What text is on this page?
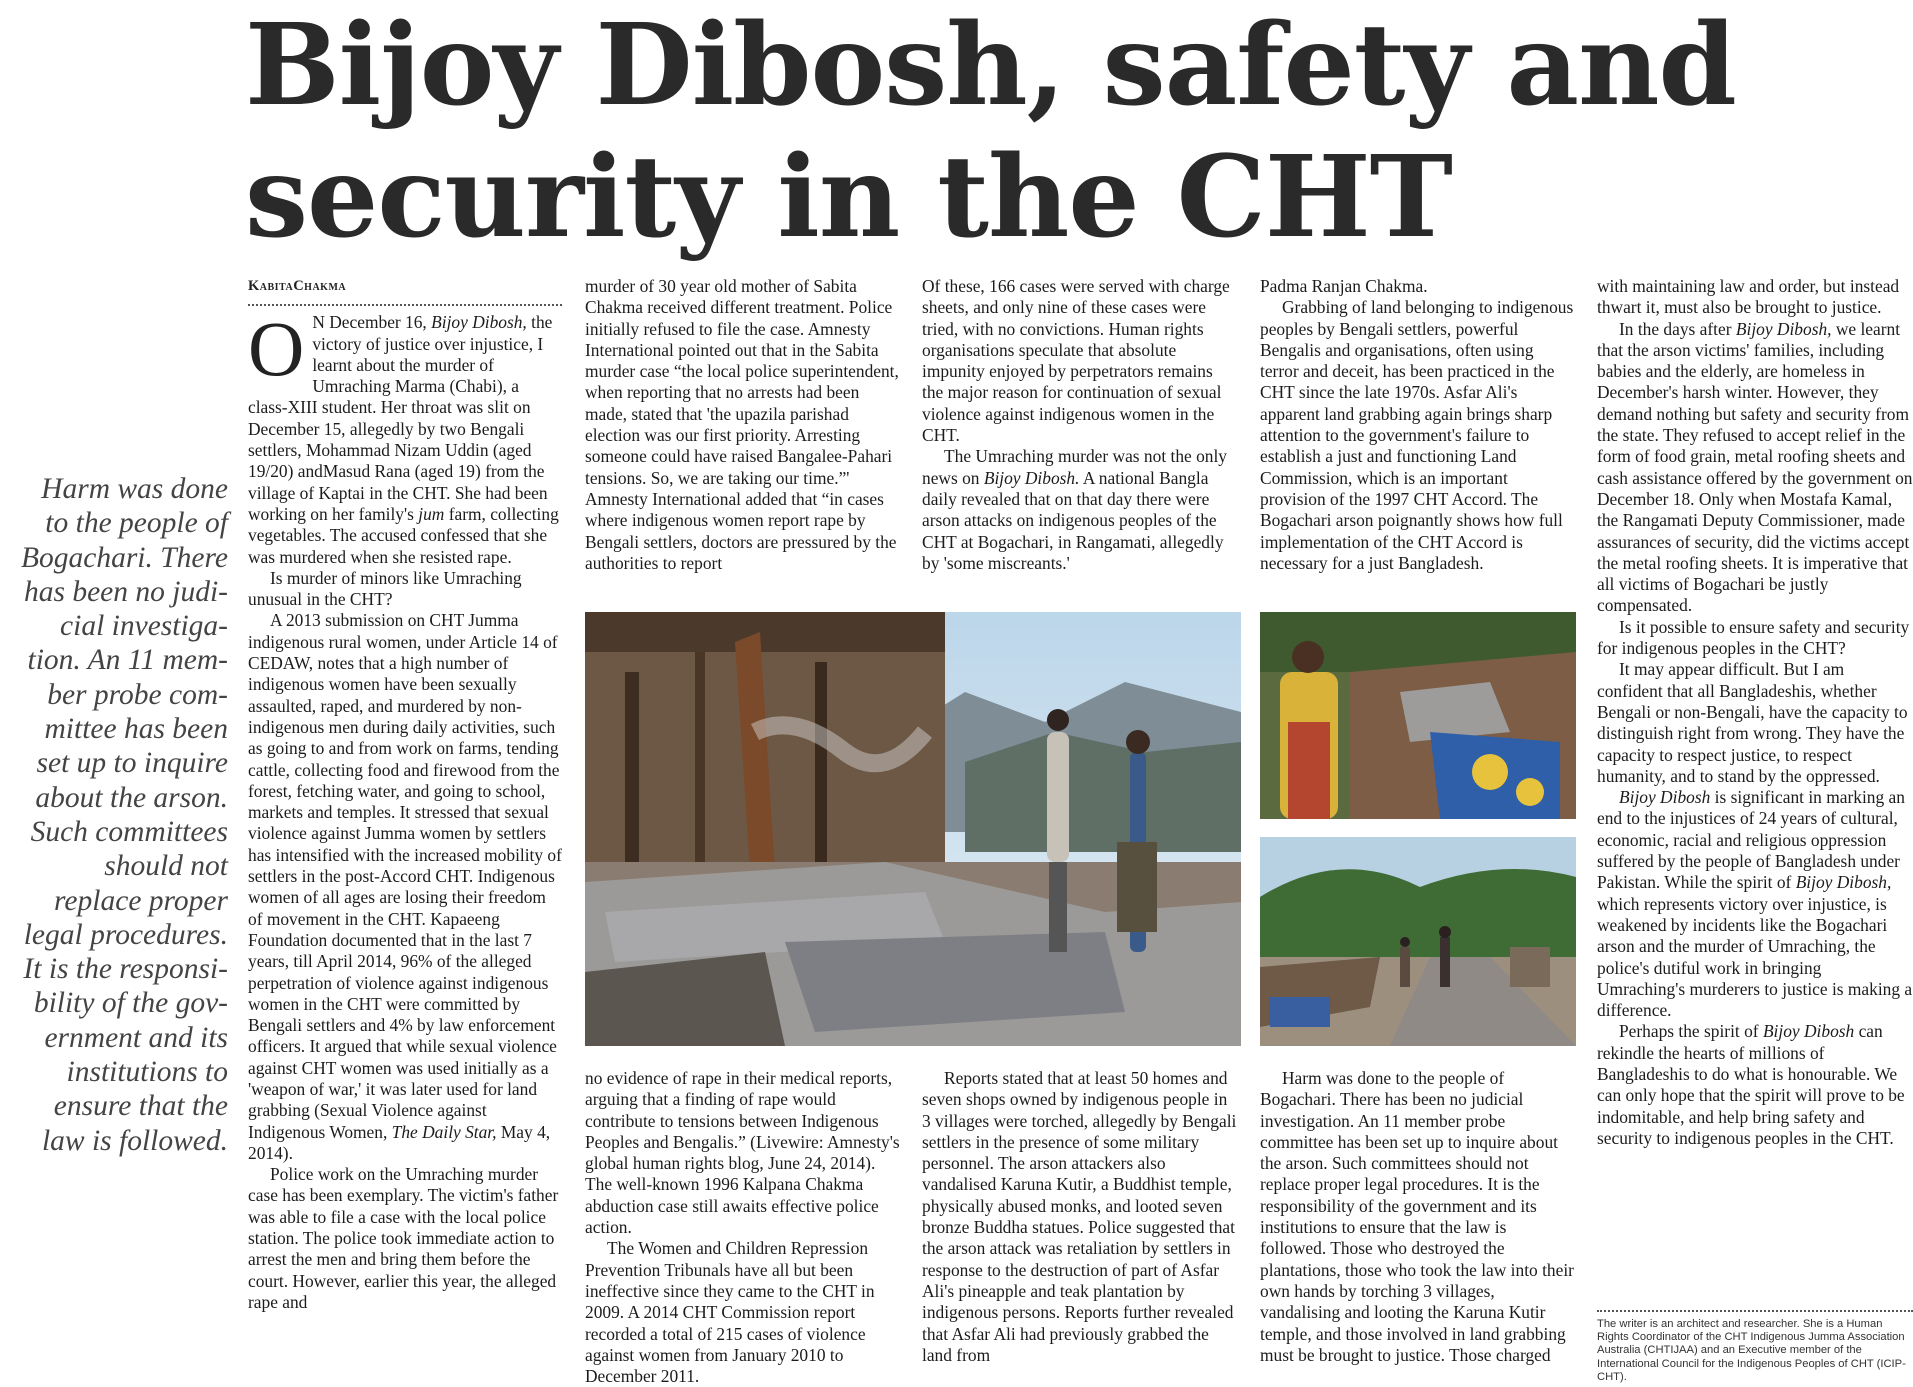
Bijoy Dibosh, safety and
security in the CHT
Harm was done
to the people of
Bogachari. There
has been no judi-
cial investiga-
tion. An 11 mem-
ber probe com-
mittee has been
set up to inquire
about the arson.
Such committees
should not
replace proper
legal procedures.
It is the responsi-
bility of the gov-
ernment and its
institutions to
ensure that the
law is followed.
KabitaChakma

O N December 16, Bijoy Dibosh, the victory of justice over injustice, I learnt about the murder of Umraching Marma (Chabi), a class-XIII student. Her throat was slit on December 15, allegedly by two Bengali settlers, Mohammad Nizam Uddin (aged 19/20) andMasud Rana (aged 19) from the village of Kaptai in the CHT. She had been working on her family's jum farm, collecting vegetables. The accused confessed that she was murdered when she resisted rape.

Is murder of minors like Umraching unusual in the CHT?

A 2013 submission on CHT Jumma indigenous rural women, under Article 14 of CEDAW, notes that a high number of indigenous women have been sexually assaulted, raped, and murdered by non-indigenous men during daily activities, such as going to and from work on farms, tending cattle, collecting food and firewood from the forest, fetching water, and going to school, markets and temples. It stressed that sexual violence against Jumma women by settlers has intensified with the increased mobility of settlers in the post-Accord CHT. Indigenous women of all ages are losing their freedom of movement in the CHT. Kapaeeng Foundation documented that in the last 7 years, till April 2014, 96% of the alleged perpetration of violence against indigenous women in the CHT were committed by Bengali settlers and 4% by law enforcement officers. It argued that while sexual violence against CHT women was used initially as a 'weapon of war,' it was later used for land grabbing (Sexual Violence against Indigenous Women, The Daily Star, May 4, 2014).

Police work on the Umraching murder case has been exemplary. The victim's father was able to file a case with the local police station. The police took immediate action to arrest the men and bring them before the court. However, earlier this year, the alleged rape and

murder of 30 year old mother of Sabita Chakma received different treatment. Police initially refused to file the case. Amnesty International pointed out that in the Sabita murder case “the local police superintendent, when reporting that no arrests had been made, stated that 'the upazila parishad election was our first priority. Arresting someone could have raised Bangalee-Pahari tensions. So, we are taking our time.”' Amnesty International added that “in cases where indigenous women report rape by Bengali settlers, doctors are pressured by the authorities to report

Of these, 166 cases were served with charge sheets, and only nine of these cases were tried, with no convictions. Human rights organisations speculate that absolute impunity enjoyed by perpetrators remains the major reason for continuation of sexual violence against indigenous women in the CHT.

The Umraching murder was not the only news on Bijoy Dibosh. A national Bangla daily revealed that on that day there were arson attacks on indigenous peoples of the CHT at Bogachari, in Rangamati, allegedly by 'some miscreants.'

Padma Ranjan Chakma.

Grabbing of land belonging to indigenous peoples by Bengali settlers, powerful Bengalis and organisations, often using terror and deceit, has been practiced in the CHT since the late 1970s. Asfar Ali's apparent land grabbing again brings sharp attention to the government's failure to establish a just and functioning Land Commission, which is an important provision of the 1997 CHT Accord. The Bogachari arson poignantly shows how full implementation of the CHT Accord is necessary for a just Bangladesh.

with maintaining law and order, but instead thwart it, must also be brought to justice.

In the days after Bijoy Dibosh, we learnt that the arson victims' families, including babies and the elderly, are homeless in December's harsh winter. However, they demand nothing but safety and security from the state. They refused to accept relief in the form of food grain, metal roofing sheets and cash assistance offered by the government on December 18. Only when Mostafa Kamal, the Rangamati Deputy Commissioner, made assurances of security, did the victims accept the metal roofing sheets. It is imperative that all victims of Bogachari be justly compensated.

Is it possible to ensure safety and security for indigenous peoples in the CHT?

It may appear difficult. But I am confident that all Bangladeshis, whether Bengali or non-Bengali, have the capacity to distinguish right from wrong. They have the capacity to respect justice, to respect humanity, and to stand by the oppressed.

Bijoy Dibosh is significant in marking an end to the injustices of 24 years of cultural, economic, racial and religious oppression suffered by the people of Bangladesh under Pakistan. While the spirit of Bijoy Dibosh, which represents victory over injustice, is weakened by incidents like the Bogachari arson and the murder of Umraching, the police's dutiful work in bringing Umraching's murderers to justice is making a difference.

Perhaps the spirit of Bijoy Dibosh can rekindle the hearts of millions of Bangladeshis to do what is honourable. We can only hope that the spirit will prove to be indomitable, and help bring safety and security to indigenous peoples in the CHT.

no evidence of rape in their medical reports, arguing that a finding of rape would contribute to tensions between Indigenous Peoples and Bengalis.” (Livewire: Amnesty's global human rights blog, June 24, 2014). The well-known 1996 Kalpana Chakma abduction case still awaits effective police action.

The Women and Children Repression Prevention Tribunals have all but been ineffective since they came to the CHT in 2009. A 2014 CHT Commission report recorded a total of 215 cases of violence against women from January 2010 to December 2011.

Reports stated that at least 50 homes and seven shops owned by indigenous people in 3 villages were torched, allegedly by Bengali settlers in the presence of some military personnel. The arson attackers also vandalised Karuna Kutir, a Buddhist temple, physically abused monks, and looted seven bronze Buddha statues. Police suggested that the arson attack was retaliation by settlers in response to the destruction of part of Asfar Ali's pineapple and teak plantation by indigenous persons. Reports further revealed that Asfar Ali had previously grabbed the land from

Harm was done to the people of Bogachari. There has been no judicial investigation. An 11 member probe committee has been set up to inquire about the arson. Such committees should not replace proper legal procedures. It is the responsibility of the government and its institutions to ensure that the law is followed. Those who destroyed the plantations, those who took the law into their own hands by torching 3 villages, vandalising and looting the Karuna Kutir temple, and those involved in land grabbing must be brought to justice. Those charged

The writer is an architect and researcher. She is a Human Rights Coordinator of the CHT Indigenous Jumma Association Australia (CHTIJAA) and an Executive member of the International Council for the Indigenous Peoples of CHT (ICIP-CHT).
